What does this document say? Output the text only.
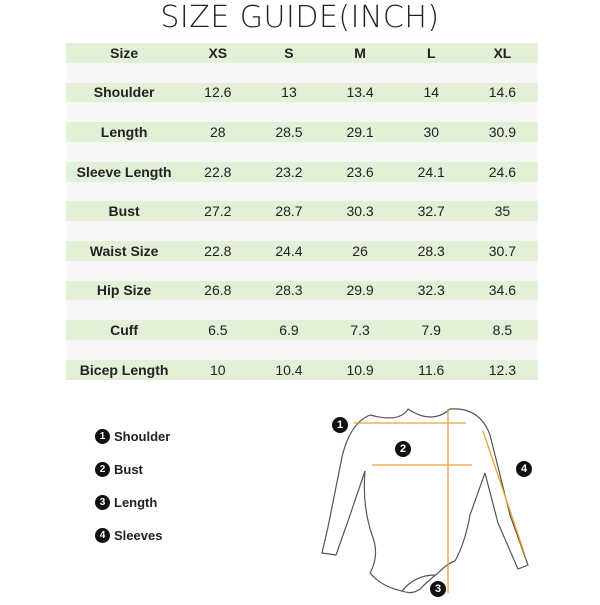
SIZE GUIDE(INCH)
Size	XS	S	M	L	XL

Shoulder	12.6	13	13.4	14	14.6

Length	28	28.5	29.1	30	30.9

Sleeve Length	22.8	23.2	23.6	24.1	24.6

Bust	27.2	28.7	30.3	32.7	35

Waist Size	22.8	24.4	26	28.3	30.7

Hip Size	26.8	28.3	29.9	32.3	34.6

Cuff	6.5	6.9	7.3	7.9	8.5

Bicep Length	10	10.4	10.9	11.6	12.3
1 Shoulder
2 Bust
3 Length
4 Sleeves
1
2
3
4
